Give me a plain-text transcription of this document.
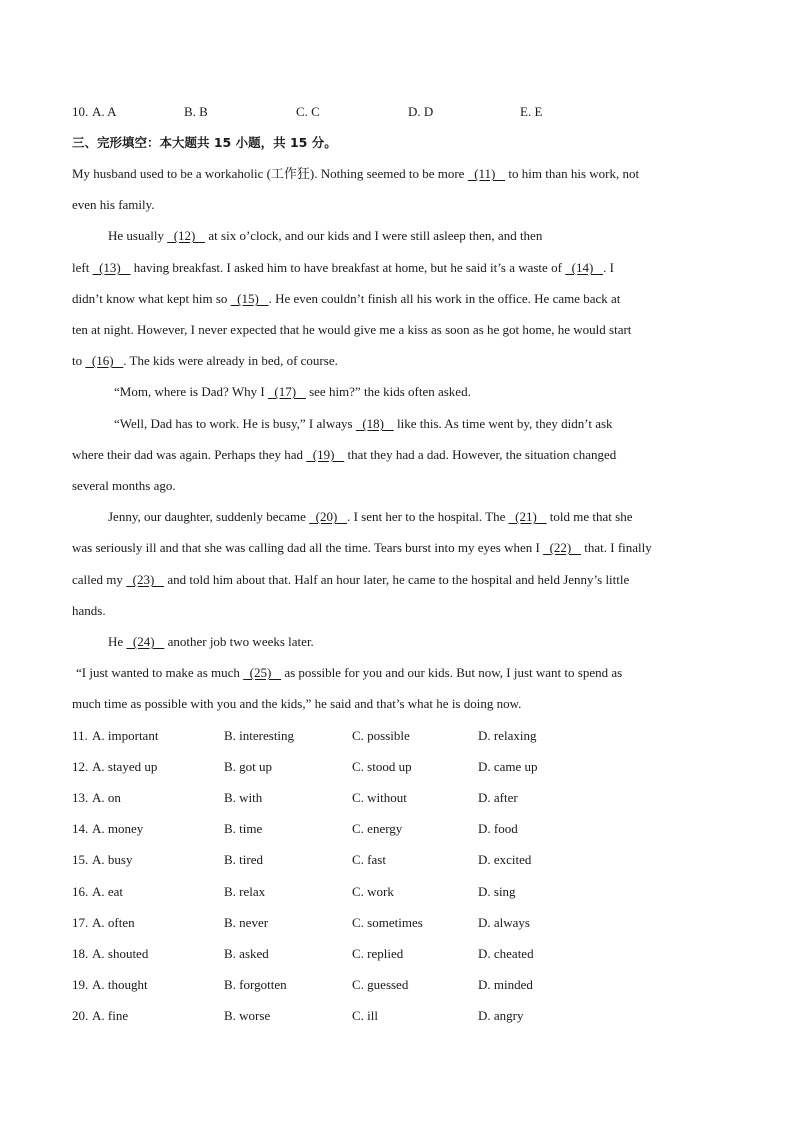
10. A. A	B. B	C. C	D. D	E. E
三、完形填空：本大题共 15 小题，共 15 分。
My husband used to be a workaholic (工作狂). Nothing seemed to be more   (11)    to him than his work, not
even his family.
He usually   (12)    at six o’clock, and our kids and I were still asleep then, and then
left   (13)    having breakfast. I asked him to have breakfast at home, but he said it’s a waste of   (14)   . I
didn’t know what kept him so   (15)   . He even couldn’t finish all his work in the office. He came back at
ten at night. However, I never expected that he would give me a kiss as soon as he got home, he would start
to   (16)   . The kids were already in bed, of course.
“Mom, where is Dad? Why I   (17)    see him?” the kids often asked.
“Well, Dad has to work. He is busy,” I always   (18)    like this. As time went by, they didn’t ask
where their dad was again. Perhaps they had   (19)    that they had a dad. However, the situation changed
several months ago.
Jenny, our daughter, suddenly became   (20)   . I sent her to the hospital. The   (21)    told me that she
was seriously ill and that she was calling dad all the time. Tears burst into my eyes when I   (22)    that. I finally
called my   (23)    and told him about that. Half an hour later, he came to the hospital and held Jenny’s little
hands.
He   (24)    another job two weeks later.
“I just wanted to make as much   (25)    as possible for you and our kids. But now, I just want to spend as
much time as possible with you and the kids,” he said and that’s what he is doing now.
11. A. important	B. interesting	C. possible	D. relaxing
12. A. stayed up	B. got up	C. stood up	D. came up
13. A. on	B. with	C. without	D. after
14. A. money	B. time	C. energy	D. food
15. A. busy	B. tired	C. fast	D. excited
16. A. eat	B. relax	C. work	D. sing
17. A. often	B. never	C. sometimes	D. always
18. A. shouted	B. asked	C. replied	D. cheated
19. A. thought	B. forgotten	C. guessed	D. minded
20. A. fine	B. worse	C. ill	D. angry
